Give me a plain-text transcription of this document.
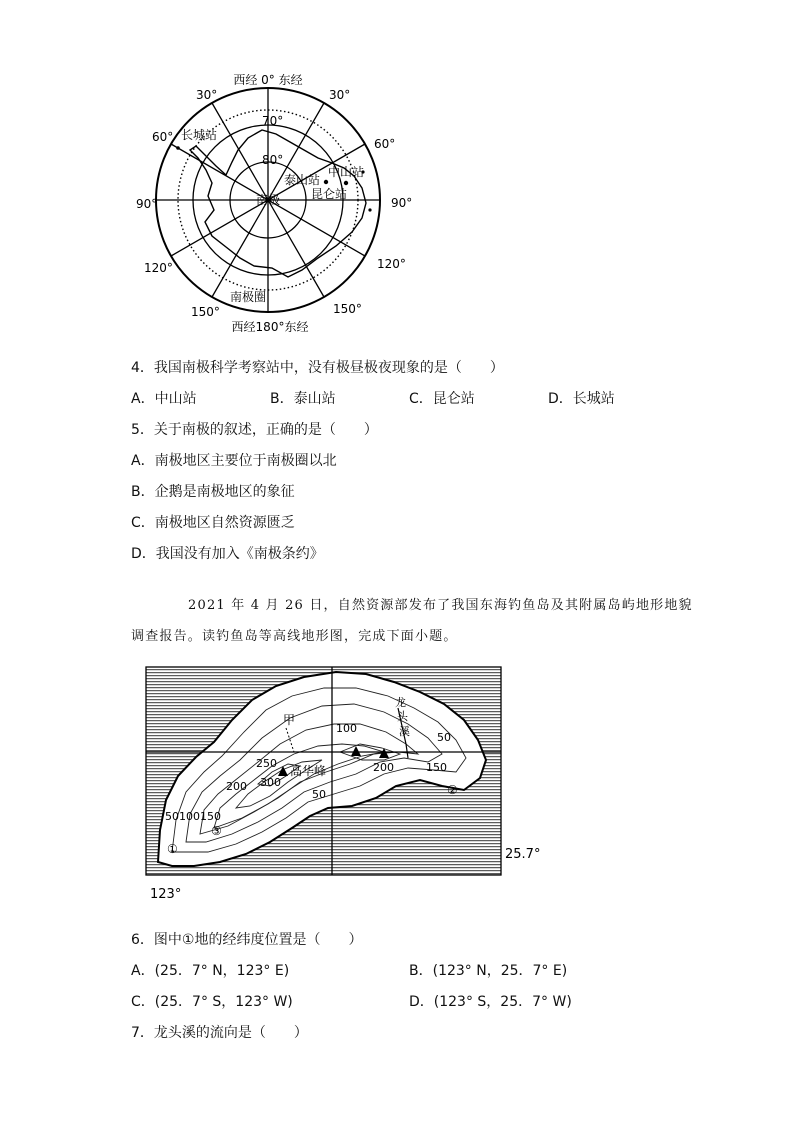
西经 0° 东经
西经180°东经
30°	30°
60°	60°
90°	90°
120°	120°
150°	150°
70°
80°
南极
南极圈
长城站
中山站
泰山站
昆仑站
4．我国南极科学考察站中，没有极昼极夜现象的是（　　）
A．中山站	B．泰山站	C．昆仑站	D．长城站
5．关于南极的叙述，正确的是（　　）
A．南极地区主要位于南极圈以北
B．企鹅是南极地区的象征
C．南极地区自然资源匮乏
D．我国没有加入《南极条约》
2021 年 4 月 26 日，自然资源部发布了我国东海钓鱼岛及其附属岛屿地形地貌
调查报告。读钓鱼岛等高线地形图，完成下面小题。
100
50
250
300
200
200	150
50
50100150
高华峰
甲
龙
头
溪
①
②
③
25.7°
123°
6．图中①地的经纬度位置是（　　）
A．(25．7° N，123° E)	B．(123° N，25．7° E)
C．(25．7° S，123° W)	D．(123° S，25．7° W)
7．龙头溪的流向是（　　）
